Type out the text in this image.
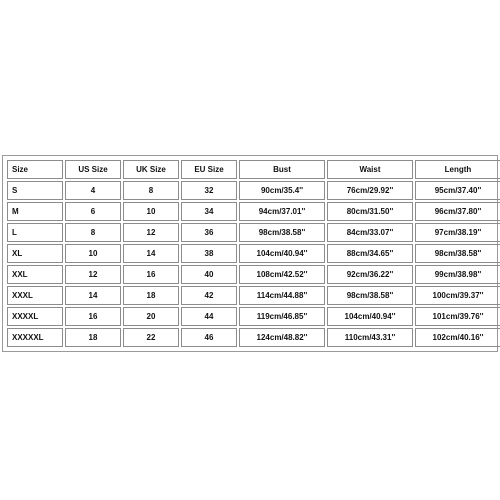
Size	US Size	UK Size	EU Size	Bust	Waist	Length
S	4	8	32	90cm/35.4''	76cm/29.92''	95cm/37.40''
M	6	10	34	94cm/37.01''	80cm/31.50''	96cm/37.80''
L	8	12	36	98cm/38.58''	84cm/33.07''	97cm/38.19''
XL	10	14	38	104cm/40.94''	88cm/34.65''	98cm/38.58''
XXL	12	16	40	108cm/42.52''	92cm/36.22''	99cm/38.98''
XXXL	14	18	42	114cm/44.88''	98cm/38.58''	100cm/39.37''
XXXXL	16	20	44	119cm/46.85''	104cm/40.94''	101cm/39.76''
XXXXXL	18	22	46	124cm/48.82''	110cm/43.31''	102cm/40.16''
